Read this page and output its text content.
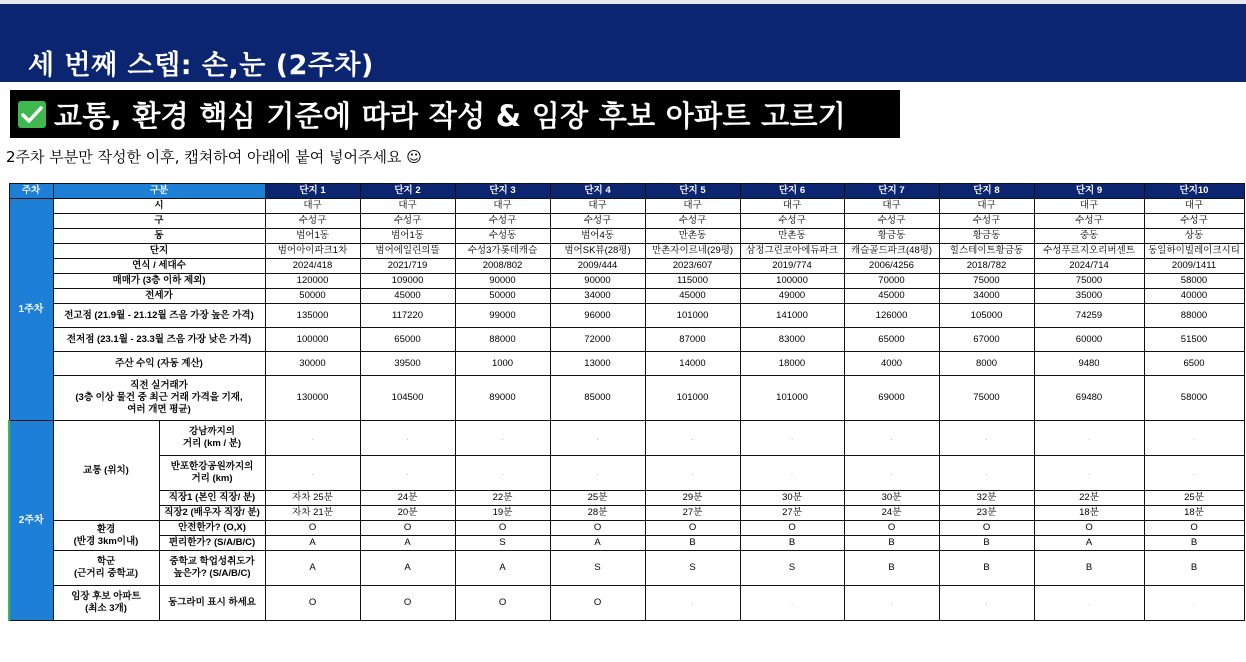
세 번째 스텝: 손,눈 (2주차)
교통, 환경 핵심 기준에 따라 작성 & 임장 후보 아파트 고르기
2주차 부분만 작성한 이후, 캡쳐하여 아래에 붙여 넣어주세요 ☺
주차	구분		단지 1	단지 2	단지 3	단지 4	단지 5	단지 6	단지 7	단지 8	단지 9	단지10
1주차	시		대구	대구	대구	대구	대구	대구	대구	대구	대구	대구
	구		수성구	수성구	수성구	수성구	수성구	수성구	수성구	수성구	수성구	수성구
	동		범어1동	범어1동	수성동	범어4동	만촌동	만촌동	황금동	황금동	중동	상동
	단지		범어아이파크1차	범어에일린의뜰	수성3가롯데캐슬	범어SK뷰(28평)	만촌자이르네(29평)	삼정그린코아에듀파크	캐슬골드파크(48평)	힐스테이트황금동	수성푸르지오리버센트	동일하이빌레이크시티
	연식 / 세대수		2024/418	2021/719	2008/802	2009/444	2023/607	2019/774	2006/4256	2018/782	2024/714	2009/1411
	매매가 (3층 이하 제외)		120000	109000	90000	90000	115000	100000	70000	75000	75000	58000
	전세가		50000	45000	50000	34000	45000	49000	45000	34000	35000	40000
	전고점 (21.9월 - 21.12월 즈음 가장 높은 가격)		135000	117220	99000	96000	101000	141000	126000	105000	74259	88000
	전저점 (23.1월 - 23.3월 즈음 가장 낮은 가격)		100000	65000	88000	72000	87000	83000	65000	67000	60000	51500
	주산 수익 (자동 계산)		30000	39500	1000	13000	14000	18000	4000	8000	9480	6500
	직전 실거래가
(3층 이상 물건 중 최근 거래 가격을 기재,
여러 개면 평균)		130000	104500	89000	85000	101000	101000	69000	75000	69480	58000
2주차	교통 (위치)	강남까지의
거리 (km / 분)	.	.	.	.	.	.	.	.	.	.
		반포한강공원까지의
거리 (km)	.	.	.	.	.	.	.	.	.	.
		직장1 (본인 직장/ 분)	자차 25분	24분	22분	25분	29분	30분	30분	32분	22분	25분
		직장2 (배우자 직장/ 분)	자차 21분	20분	19분	28분	27분	27분	24분	23분	18분	18분
	환경
(반경 3km이내)	안전한가? (O,X)	O	O	O	O	O	O	O	O	O	O
		편리한가? (S/A/B/C)	A	A	S	A	B	B	B	B	A	B
	학군
(근거리 중학교)	중학교 학업성취도가
높은가? (S/A/B/C)	A	A	A	S	S	S	B	B	B	B
	임장 후보 아파트
(최소 3개)	동그라미 표시 하세요	O	O	O	O	.	.	.	.	.	.
